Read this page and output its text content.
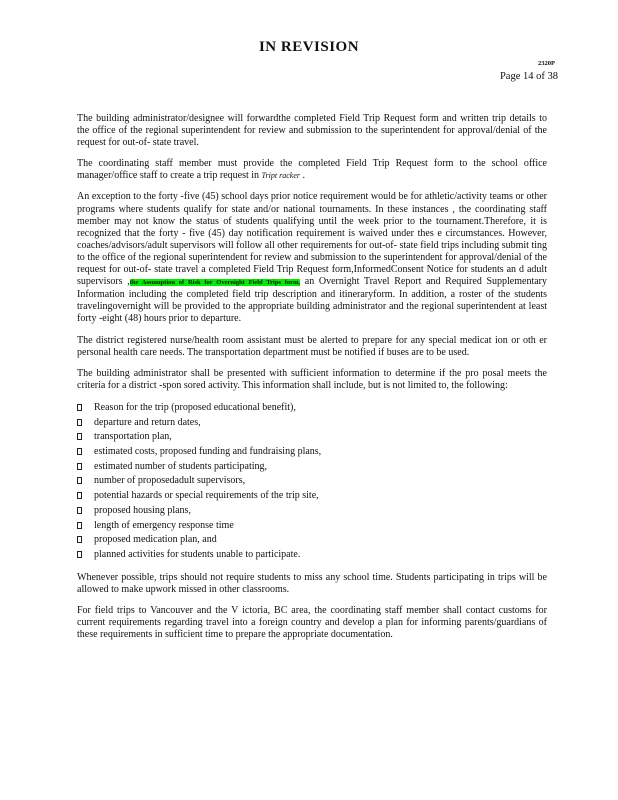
IN REVISION
2320P
Page 14 of 38

The building administrator/designee will forwardthe completed Field Trip Request form and written trip details to the office of the regional superintendent for review and submission to the superintendent for approval/denial of the request for out-of- state travel.

The coordinating staff member must provide the completed Field Trip Request form to the school office manager/office staff to create a trip request in Tript racker .

An exception to the forty -five (45) school days prior notice requirement would be for athletic/activity teams or other programs where students qualify for state and/or national tournaments. In these instances , the coordinating staff member may not know the status of students qualifying until the week prior to the tournament.Therefore, it is recognized that the forty - five (45) day notification requirement is waived under thes e circumstances. However, coaches/advisors/adult supervisors will follow all other requirements for out-of- state field trips including submit ting to the office of the regional superintendent for review and submission to the superintendent for approval/denial of the request for out-of- state travel a completed Field Trip Request form,InformedConsent Notice for students an d adult supervisors ,the Assumption of Risk for Overnight Field Trips form, an Overnight Travel Report and Required Supplementary Information including the completed field trip description and itineraryform. In addition, a roster of the students travelingovernight will be provided to the appropriate building administrator and the regional superintendent at least forty -eight (48) hours prior to departure.

The district registered nurse/health room assistant must be alerted to prepare for any special medicat ion or oth er personal health care needs. The transportation department must be notified if buses are to be used.

The building administrator shall be presented with sufficient information to determine if the pro posal meets the criteria for a district -spon sored activity. This information shall include, but is not limited to, the following:

Reason for the trip (proposed educational benefit),
departure and return dates,
transportation plan,
estimated costs, proposed funding and fundraising plans,
estimated number of students participating,
number of proposedadult supervisors,
potential hazards or special requirements of the trip site,
proposed housing plans,
length of emergency response time
proposed medication plan, and
planned activities for students unable to participate.

Whenever possible, trips should not require students to miss any school time. Students participating in trips will be allowed to make upwork missed in other classrooms.

For field trips to Vancouver and the V ictoria, BC area, the coordinating staff member shall contact customs for current requirements regarding travel into a foreign country and develop a plan for informing parents/guardians of these requirements in sufficient time to prepare the appropriate documentation.
